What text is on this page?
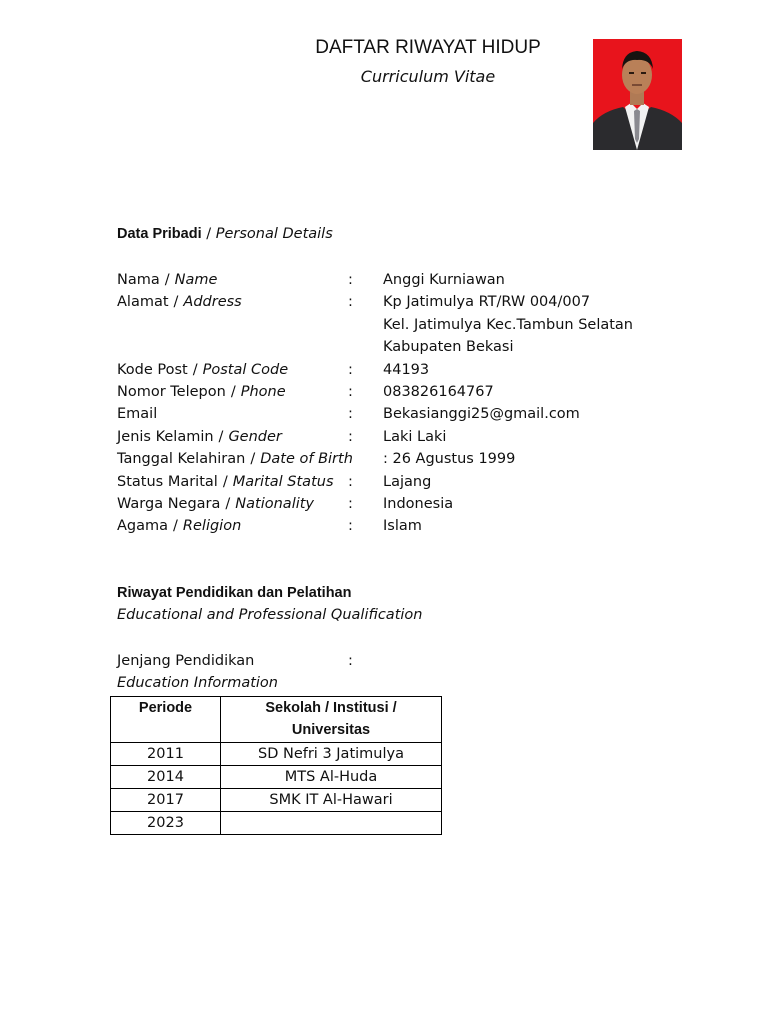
DAFTAR RIWAYAT HIDUP
Curriculum Vitae
Data Pribadi / Personal Details
Nama / Name	: Anggi Kurniawan
Alamat / Address	: Kp Jatimulya RT/RW 004/007
Kel. Jatimulya Kec.Tambun Selatan
Kabupaten Bekasi
Kode Post / Postal Code	: 44193
Nomor Telepon / Phone	: 083826164767
Email	: Bekasianggi25@gmail.com
Jenis Kelamin / Gender	: Laki Laki
Tanggal Kelahiran / Date of Birth : 26 Agustus 1999
Status Marital / Marital Status : Lajang
Warga Negara / Nationality : Indonesia
Agama / Religion	: Islam
Riwayat Pendidikan dan Pelatihan
Educational and Professional Qualification
Jenjang Pendidikan	:
Education Information
Periode	Sekolah / Institusi / Universitas

2011	SD Nefri 3 Jatimulya
2014	MTS Al-Huda
2017	SMK IT Al-Hawari
2023	
